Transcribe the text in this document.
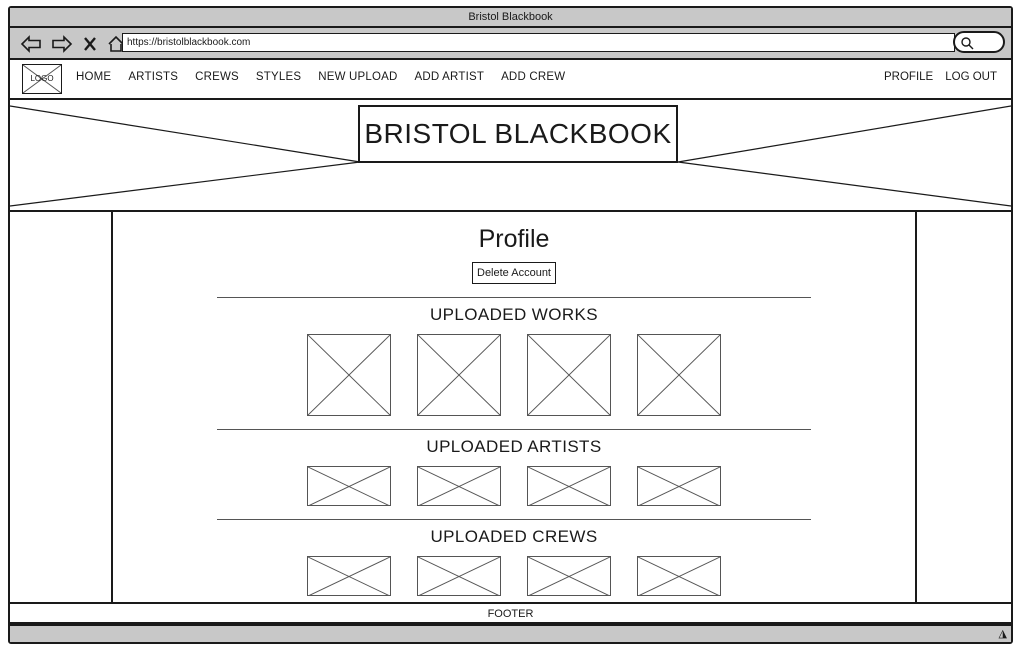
Bristol Blackbook
https://bristolblackbook.com
LOGO	HOME ARTISTS CREWS STYLES NEW UPLOAD ADD ARTIST ADD CREW	PROFILE LOG OUT
BRISTOL BLACKBOOK
Profile
Delete Account
UPLOADED WORKS
UPLOADED ARTISTS
UPLOADED CREWS
FOOTER
◮
